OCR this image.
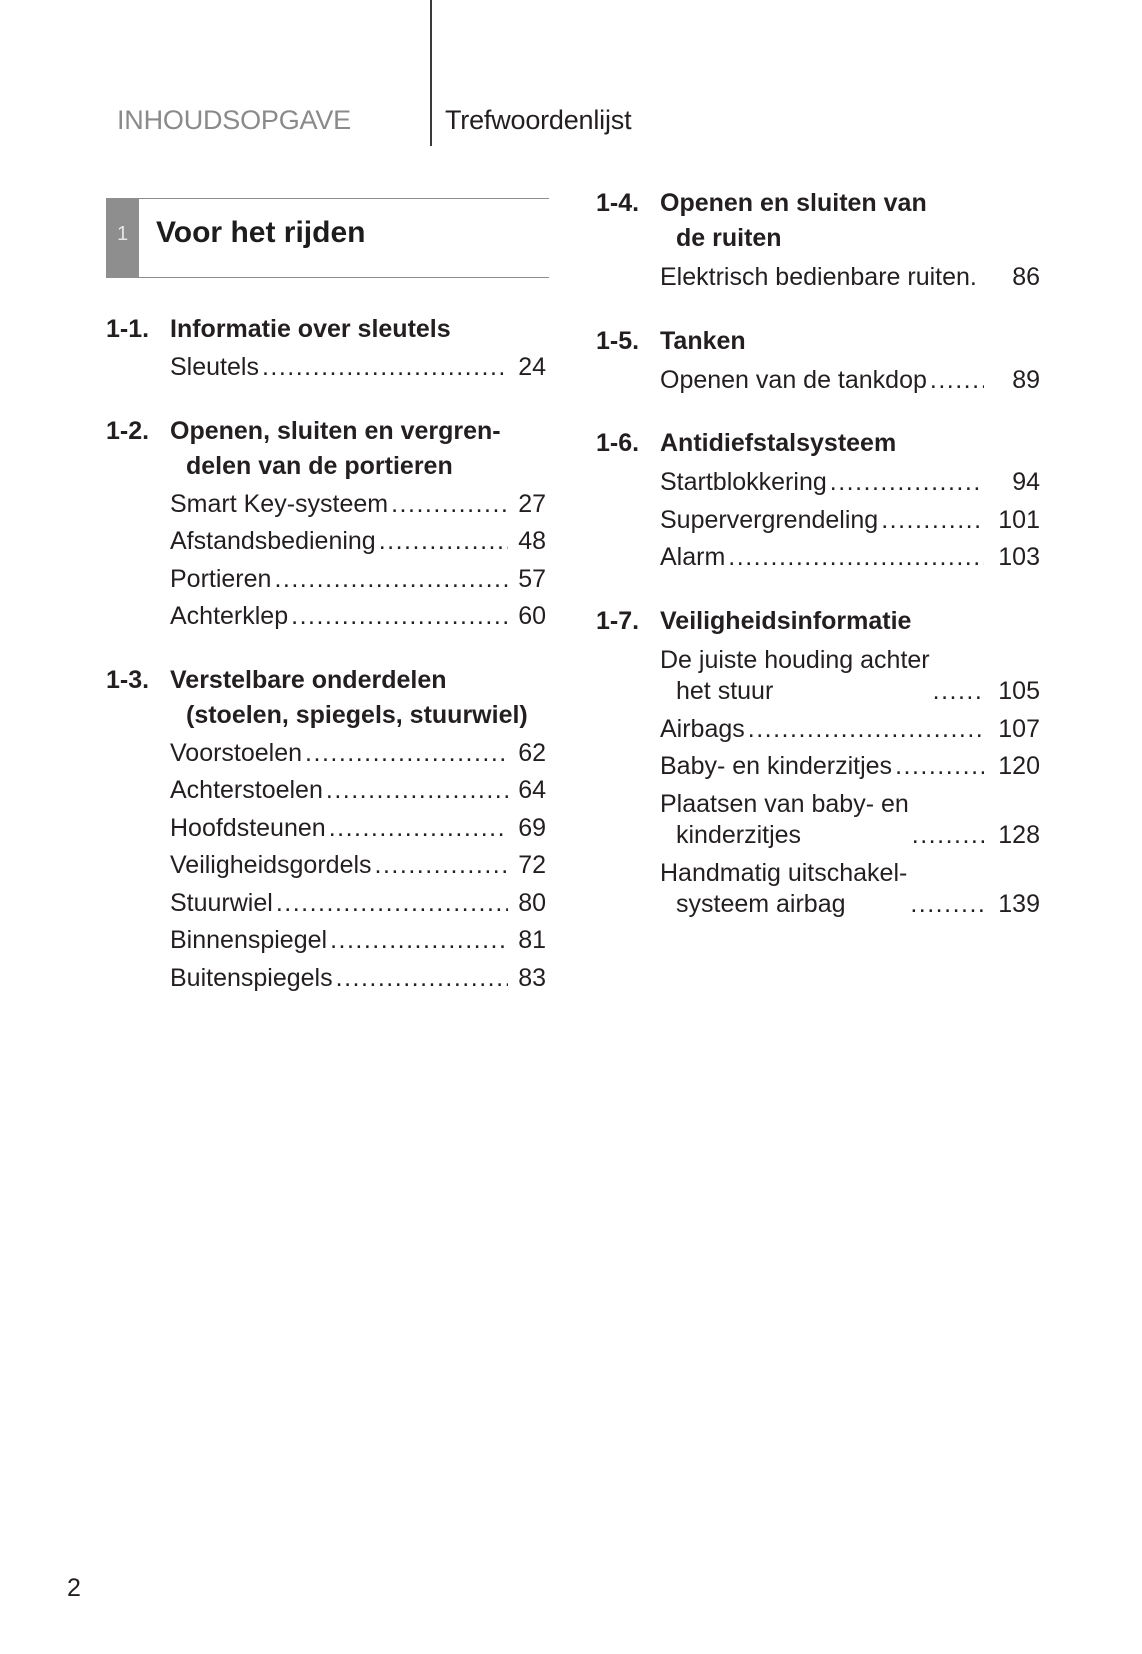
INHOUDSOPGAVE	Trefwoordenlijst
1 Voor het rijden
1-1. Informatie over sleutels
Sleutels .....	24
1-2. Openen, sluiten en vergren-
delen van de portieren
Smart Key-systeem .....	27
Afstandsbediening .....	48
Portieren .....	57
Achterklep .....	60
1-3. Verstelbare onderdelen
(stoelen, spiegels, stuurwiel)
Voorstoelen .....	62
Achterstoelen .....	64
Hoofdsteunen .....	69
Veiligheidsgordels .....	72
Stuurwiel .....	80
Binnenspiegel .....	81
Buitenspiegels .....	83
1-4. Openen en sluiten van
de ruiten
Elektrisch bedienbare ruiten.	86
1-5. Tanken
Openen van de tankdop .....	89
1-6. Antidiefstalsysteem
Startblokkering .....	94
Supervergrendeling .....	101
Alarm .....	103
1-7. Veiligheidsinformatie
De juiste houding achter
het stuur .....	105
Airbags .....	107
Baby- en kinderzitjes .....	120
Plaatsen van baby- en
kinderzitjes .....	128
Handmatig uitschakel-
systeem airbag .....	139
2
